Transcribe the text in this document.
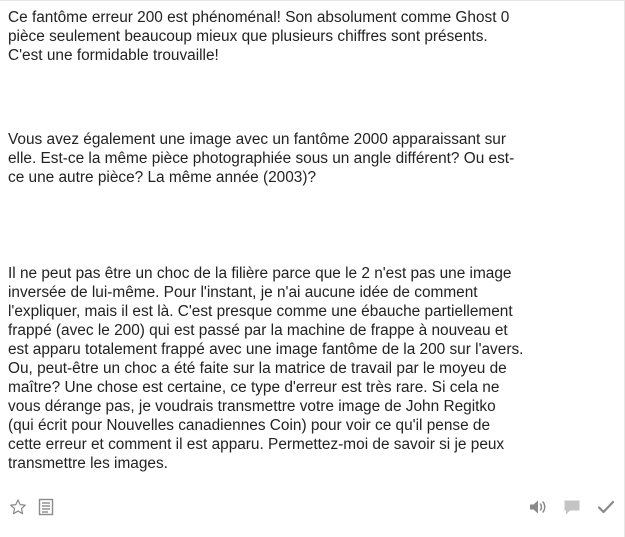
Ce fantôme erreur 200 est phénoménal! Son absolument comme Ghost 0
pièce seulement beaucoup mieux que plusieurs chiffres sont présents.
C'est une formidable trouvaille!

Vous avez également une image avec un fantôme 2000 apparaissant sur
elle. Est-ce la même pièce photographiée sous un angle différent? Ou est-
ce une autre pièce? La même année (2003)?

Il ne peut pas être un choc de la filière parce que le 2 n'est pas une image
inversée de lui-même. Pour l'instant, je n'ai aucune idée de comment
l'expliquer, mais il est là. C'est presque comme une ébauche partiellement
frappé (avec le 200) qui est passé par la machine de frappe à nouveau et
est apparu totalement frappé avec une image fantôme de la 200 sur l'avers.
Ou, peut-être un choc a été faite sur la matrice de travail par le moyeu de
maître? Une chose est certaine, ce type d'erreur est très rare. Si cela ne
vous dérange pas, je voudrais transmettre votre image de John Regitko
(qui écrit pour Nouvelles canadiennes Coin) pour voir ce qu'il pense de
cette erreur et comment il est apparu. Permettez-moi de savoir si je peux
transmettre les images.
